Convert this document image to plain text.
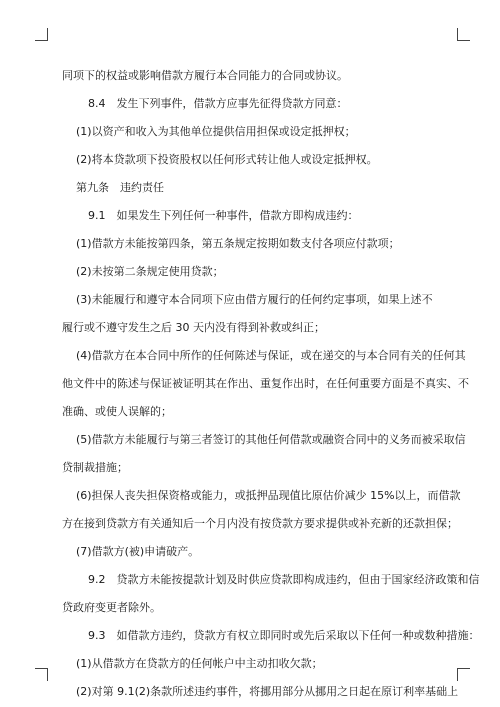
同项下的权益或影响借款方履行本合同能力的合同或协议。
8.4　发生下列事件，借款方应事先征得贷款方同意：
(1)以资产和收入为其他单位提供信用担保或设定抵押权；
(2)将本贷款项下投资股权以任何形式转让他人或设定抵押权。
第九条　违约责任
9.1　如果发生下列任何一种事件，借款方即构成违约：
(1)借款方未能按第四条，第五条规定按期如数支付各项应付款项；
(2)未按第二条规定使用贷款；
(3)未能履行和遵守本合同项下应由借方履行的任何约定事项，如果上述不
履行或不遵守发生之后 30 天内没有得到补救或纠正；
(4)借款方在本合同中所作的任何陈述与保证，或在递交的与本合同有关的任何其
他文件中的陈述与保证被证明其在作出、重复作出时，在任何重要方面是不真实、不
准确、或使人误解的；
(5)借款方未能履行与第三者签订的其他任何借款或融资合同中的义务而被采取信
贷制裁措施；
(6)担保人丧失担保资格或能力，或抵押品现值比原估价减少 15%以上，而借款
方在接到贷款方有关通知后一个月内没有按贷款方要求提供或补充新的还款担保；
(7)借款方(被)申请破产。
9.2　贷款方未能按提款计划及时供应贷款即构成违约，但由于国家经济政策和信
贷政府变更者除外。
9.3　如借款方违约，贷款方有权立即同时或先后采取以下任何一种或数种措施：
(1)从借款方在贷款方的任何帐户中主动扣收欠款；
(2)对第 9.1(2)条款所述违约事件，将挪用部分从挪用之日起在原订利率基础上
